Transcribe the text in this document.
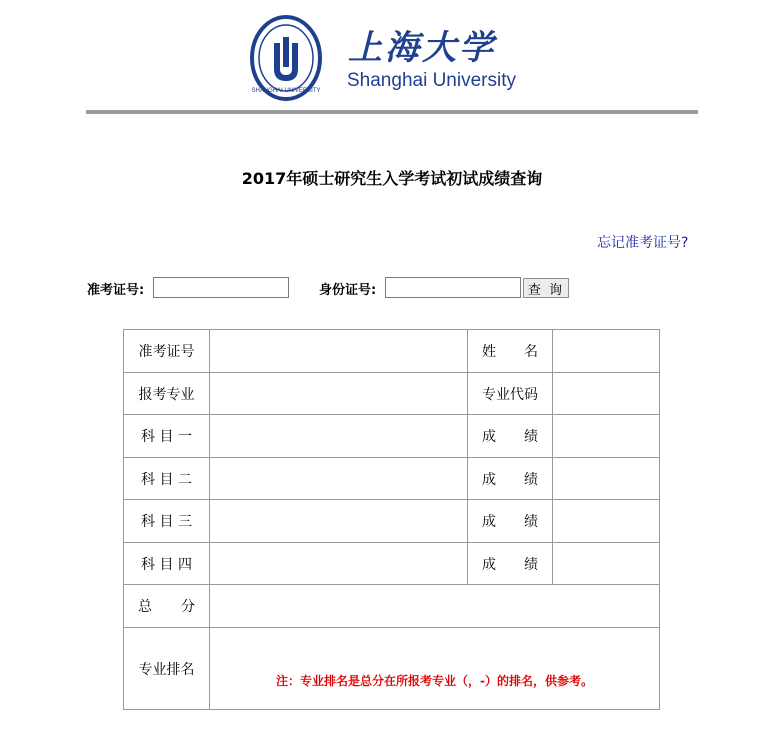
SHANGHAI UNIVERSITY
上海大学
Shanghai University
2017年硕士研究生入学考试初试成绩查询
忘记准考证号?
准考证号:	身份证号:	查 询
准考证号		姓 名	

报考专业		专业代码	

科 目 一		成 绩	

科 目 二		成 绩	

科 目 三		成 绩	

科 目 四		成 绩	

总 分			

专业排名	注：专业排名是总分在所报考专业（，-）的排名，供参考。		
